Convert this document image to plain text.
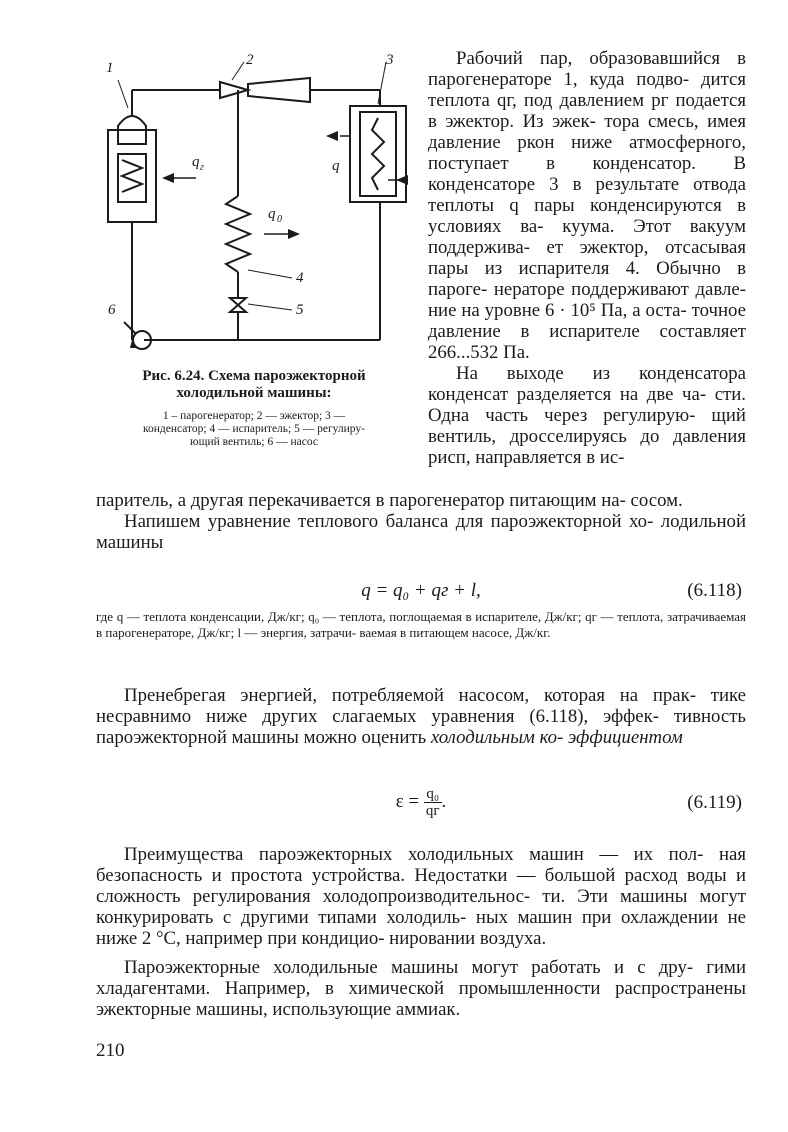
1	2	3
4
5
6
q г	q
q 0
Рис. 6.24. Схема пароэжекторной
холодильной машины:
1 – парогенератор; 2 — эжектор; 3 —
конденсатор; 4 — испаритель; 5 — регулиру-
ющий вентиль; 6 — насос

Рабочий пар, образовавшийся в парогенераторе 1, куда подво- дится теплота qг, под давлением pг подается в эжектор. Из эжек- тора смесь, имея давление pкон ниже атмосферного, поступает в конденсатор. В конденсаторе 3 в результате отвода теплоты q пары конденсируются в условиях ва- куума. Этот вакуум поддержива- ет эжектор, отсасывая пары из испарителя 4. Обычно в парoге- нераторе поддерживают давле- ние на уровне 6 · 10⁵ Па, а оста- точное давление в испарителе составляет 266...532 Па.

На выходе из конденсатора конденсат разделяется на две ча- сти. Одна часть через регулирую- щий вентиль, дросселируясь до давления pисп, направляется в ис-

паритель, а другая перекачивается в парогенератор питающим на- сосом.

Напишем уравнение теплового баланса для пароэжекторной хо- лодильной машины

q = q₀ + qг + l,	(6.118)
где q — теплота конденсации, Дж/кг; q₀ — теплота, поглощаемая в испарителе, Дж/кг; qг — теплота, затрачиваемая в парогенераторе, Дж/кг; l — энергия, затрачи- ваемая в питающем насосе, Дж/кг.

Пренебрегая энергией, потребляемой насосом, которая на прак- тике несравнимо ниже других слагаемых уравнения (6.118), эффек- тивность пароэжекторной машины можно оценить холодильным ко- эффициентом

$\varepsilon = \frac{\text{q₀}}{qг}$ .	(6.119)

Преимущества пароэжекторных холодильных машин — их пол- ная безопасность и простота устройства. Недостатки — большой расход воды и сложность регулирования холодопроизводительнос- ти. Эти машины могут конкурировать с другими типами холодиль- ных машин при охлаждении не ниже 2 °С, например при кондицио- нировании воздуха.

Пароэжекторные холодильные машины могут работать и с дру- гими хладагентами. Например, в химической промышленности распространены эжекторные машины, использующие аммиак.

210
